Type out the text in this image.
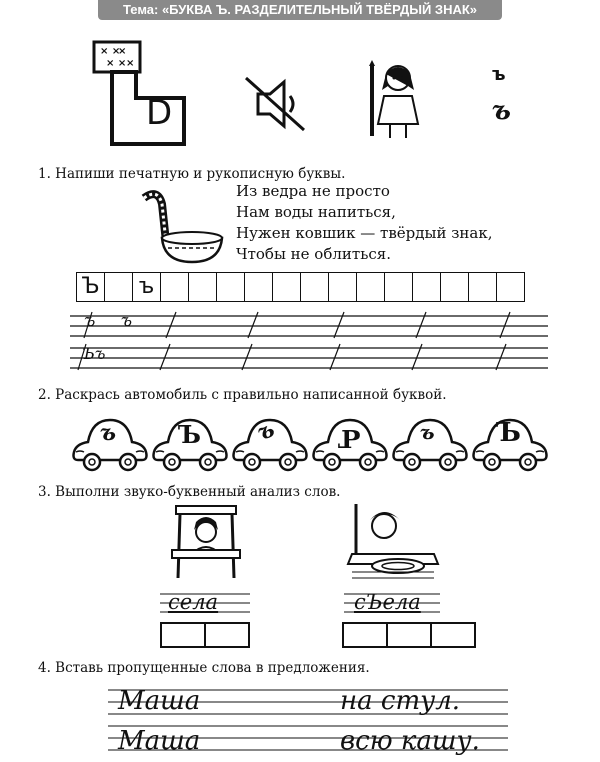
Тема: «БУКВА Ъ. РАЗДЕЛИТЕЛЬНЫЙ ТВЁРДЫЙ ЗНАК»
× ×
×
× × ×
D
ъ
ъ
1. Напиши печатную и рукописную буквы.
Из ведра не просто
Нам воды напиться,
Нужен ковшик — твёрдый знак,
Чтобы не облиться.
Ъ ъ
ъ ъ
Ъъ
2. Раскрась автомобиль с правильно написанной буквой.
ъ	Ъ ъ	Ъ	ъ Ъ
3. Выполни звуко-буквенный анализ слов.
села	сЪела
4. Вставь пропущенные слова в предложения.
Маша	на стул.
Маша	всю кашу.
